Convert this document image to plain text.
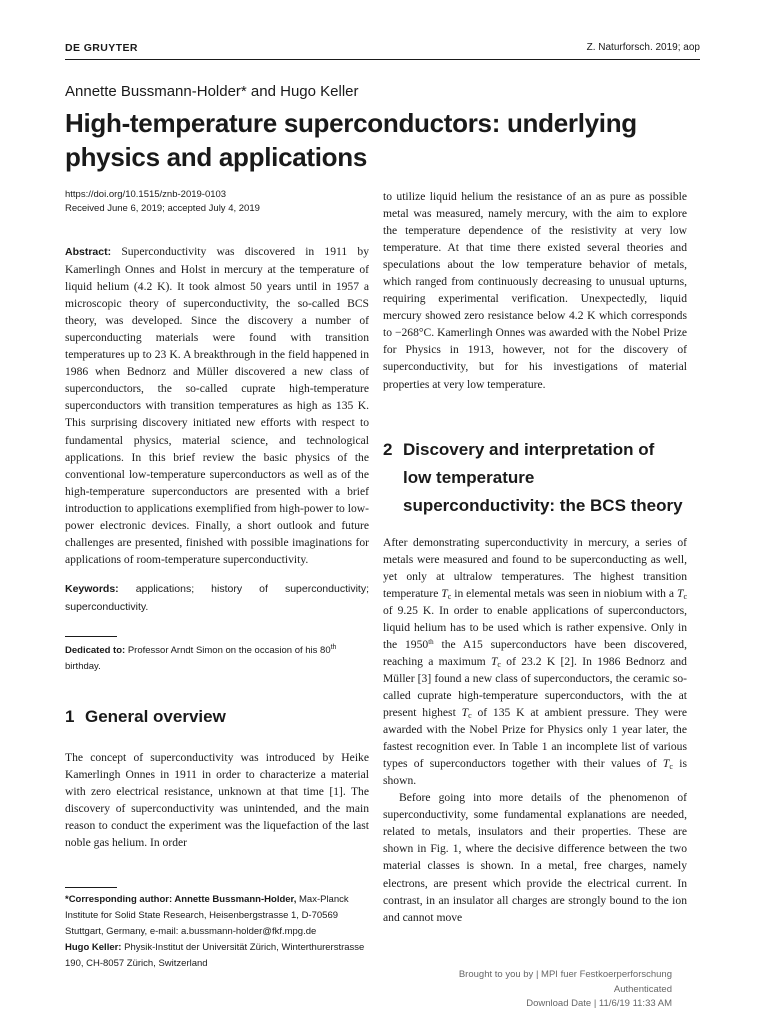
DE GRUYTER	Z. Naturforsch. 2019; aop
Annette Bussmann-Holder* and Hugo Keller
High-temperature superconductors: underlying physics and applications
https://doi.org/10.1515/znb-2019-0103
Received June 6, 2019; accepted July 4, 2019

Abstract: Superconductivity was discovered in 1911 by Kamerlingh Onnes and Holst in mercury at the temperature of liquid helium (4.2 K). It took almost 50 years until in 1957 a microscopic theory of superconductivity, the so-called BCS theory, was developed. Since the discovery a number of superconducting materials were found with transition temperatures up to 23 K. A breakthrough in the field happened in 1986 when Bednorz and Müller discovered a new class of superconductors, the so-called cuprate high-temperature superconductors with transition temperatures as high as 135 K. This surprising discovery initiated new efforts with respect to fundamental physics, material science, and technological applications. In this brief review the basic physics of the conventional low-temperature superconductors as well as of the high-temperature superconductors are presented with a brief introduction to applications exemplified from high-power to low-power electronic devices. Finally, a short outlook and future challenges are presented, finished with possible imaginations for applications of room-temperature superconductivity.

Keywords: applications; history of superconductivity; superconductivity.

Dedicated to: Professor Arndt Simon on the occasion of his 80th birthday.
1 General overview

The concept of superconductivity was introduced by Heike Kamerlingh Onnes in 1911 in order to characterize a material with zero electrical resistance, unknown at that time [1]. The discovery of superconductivity was unintended, and the main reason to conduct the experiment was the liquefaction of the last noble gas helium. In order

*Corresponding author: Annette Bussmann-Holder, Max-Planck Institute for Solid State Research, Heisenbergstrasse 1, D-70569 Stuttgart, Germany, e-mail: a.bussmann-holder@fkf.mpg.de
Hugo Keller: Physik-Institut der Universität Zürich, Winterthurerstrasse 190, CH-8057 Zürich, Switzerland

to utilize liquid helium the resistance of an as pure as possible metal was measured, namely mercury, with the aim to explore the temperature dependence of the resistivity at very low temperature. At that time there existed several theories and speculations about the low temperature behavior of metals, which ranged from continuously decreasing to unusual upturns, requiring experimental verification. Unexpectedly, liquid mercury showed zero resistance below 4.2 K which corresponds to −268°C. Kamerlingh Onnes was awarded with the Nobel Prize for Physics in 1913, however, not for the discovery of superconductivity, but for his investigations of material properties at very low temperature.

2 Discovery and interpretation of low temperature superconductivity: the BCS theory

After demonstrating superconductivity in mercury, a series of metals were measured and found to be superconducting as well, yet only at ultralow temperatures. The highest transition temperature $T_c$ in elemental metals was seen in niobium with a $T_c$ of 9.25 K. In order to enable applications of superconductors, liquid helium has to be used which is rather expensive. Only in the 1950th the A15 superconductors have been discovered, reaching a maximum $T_c$ of 23.2 K [2]. In 1986 Bednorz and Müller [3] found a new class of superconductors, the ceramic so-called cuprate high-temperature superconductors, with the at present highest $T_c$ of 135 K at ambient pressure. They were awarded with the Nobel Prize for Physics only 1 year later, the fastest recognition ever. In Table 1 an incomplete list of various types of superconductors together with their values of $T_c$ is shown.

Before going into more details of the phenomenon of superconductivity, some fundamental explanations are needed, related to metals, insulators and their properties. These are shown in Fig. 1, where the decisive difference between the two material classes is shown. In a metal, free charges, namely electrons, are present which provide the electrical current. In contrast, in an insulator all charges are strongly bound to the ion and cannot move

Brought to you by | MPI fuer Festkoerperforschung
Authenticated
Download Date | 11/6/19 11:33 AM
